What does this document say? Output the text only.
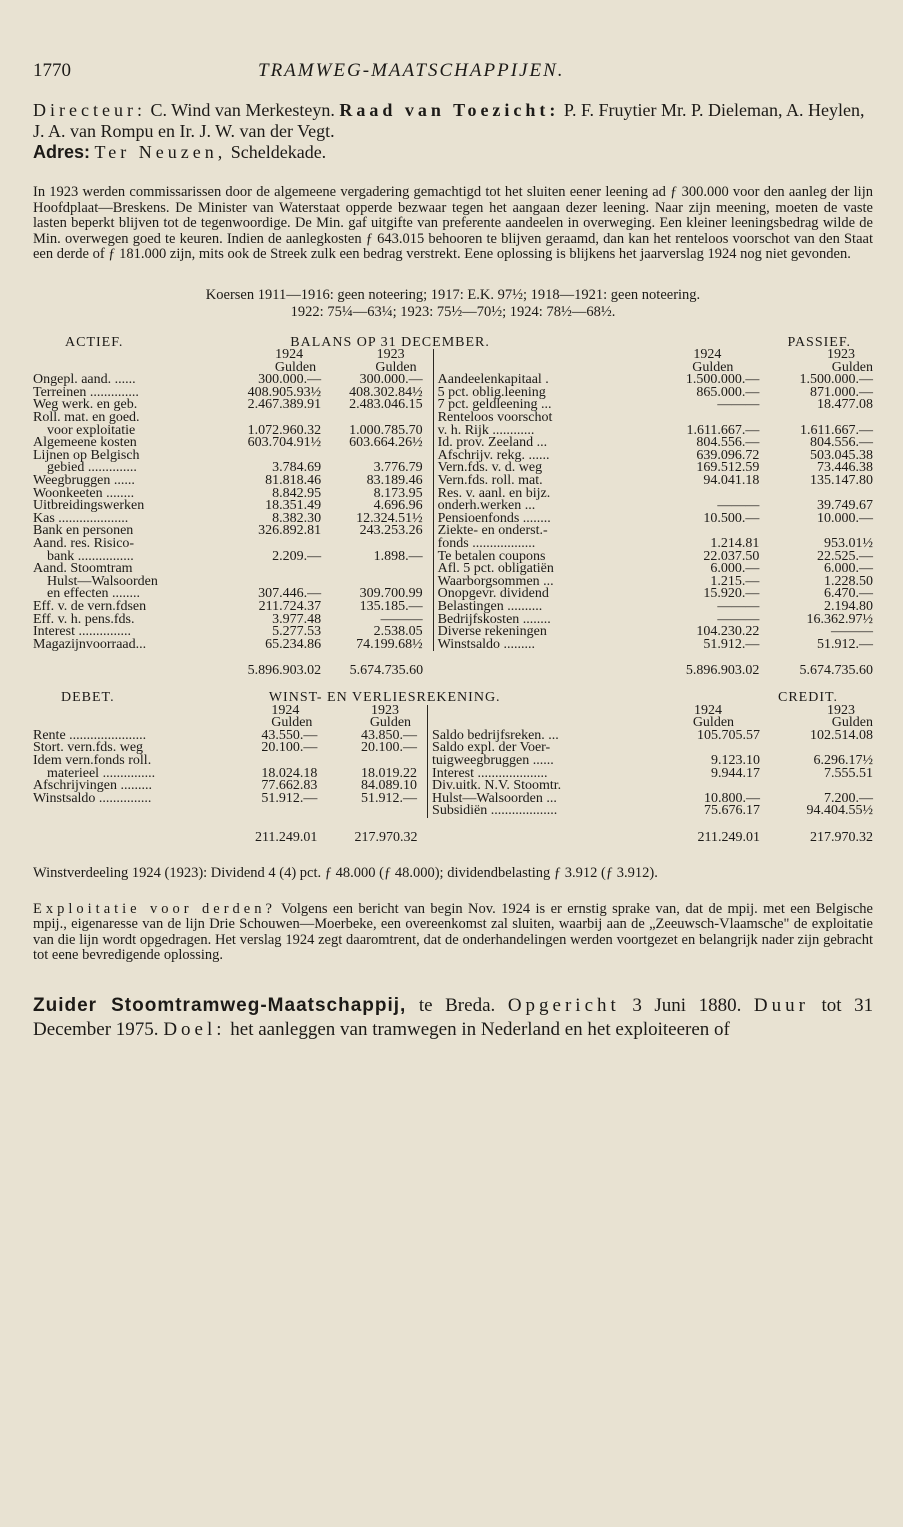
1770	TRAMWEG-MAATSCHAPPIJEN.
Directeur: C. Wind van Merkesteyn. Raad van Toezicht: P. F. Fruytier Mr. P. Dieleman, A. Heylen, J. A. van Rompu en Ir. J. W. van der Vegt.
Adres: Ter Neuzen, Scheldekade.
In 1923 werden commissarissen door de algemeene vergadering gemachtigd tot het sluiten eener leening ad ƒ 300.000 voor den aanleg der lijn Hoofdplaat—Breskens. De Minister van Waterstaat opperde bezwaar tegen het aangaan dezer leening. Naar zijn meening, moeten de vaste lasten beperkt blijven tot de tegenwoordige. De Min. gaf uitgifte van preferente aandeelen in overweging. Een kleiner leeningsbedrag wilde de Min. overwegen goed te keuren. Indien de aanlegkosten ƒ 643.015 behooren te blijven geraamd, dan kan het renteloos voorschot van den Staat een derde of ƒ 181.000 zijn, mits ook de Streek zulk een bedrag verstrekt. Eene oplossing is blijkens het jaarverslag 1924 nog niet gevonden.
Koersen 1911—1916: geen noteering; 1917: E.K. 97½; 1918—1921: geen noteering.
1922: 75¼—63¼; 1923: 75½—70½; 1924: 78½—68½.
ACTIEF.	BALANS OP 31 DECEMBER.			PASSIEF.	
	1924	1923		1924	1923
	Gulden	Gulden		Gulden	Gulden
Ongepl. aand. ......	300.000.—	300.000.—	Aandeelenkapitaal .	1.500.000.—	1.500.000.—
Terreinen ..............	408.905.93½	408.302.84½	5 pct. oblig.leening	865.000.—	871.000.—
Weg werk. en geb.	2.467.389.91	2.483.046.15	7 pct. geldleening ...	———	18.477.08
Roll. mat. en goed.			Renteloos voorschot		
voor exploitatie	1.072.960.32	1.000.785.70	v. h. Rijk ............	1.611.667.—	1.611.667.—
Algemeene kosten	603.704.91½	603.664.26½	Id. prov. Zeeland ...	804.556.—	804.556.—
Lijnen op Belgisch			Afschrijv. rekg. ......	639.096.72	503.045.38
gebied ..............	3.784.69	3.776.79	Vern.fds. v. d. weg	169.512.59	73.446.38
Weegbruggen ......	81.818.46	83.189.46	Vern.fds. roll. mat.	94.041.18	135.147.80
Woonkeeten ........	8.842.95	8.173.95	Res. v. aanl. en bijz.		
Uitbreidingswerken	18.351.49	4.696.96	onderh.werken ...	———	39.749.67
Kas ....................	8.382.30	12.324.51½	Pensioenfonds ........	10.500.—	10.000.—
Bank en personen	326.892.81	243.253.26	Ziekte- en onderst.-		
Aand. res. Risico-			fonds ..................	1.214.81	953.01½
bank ................	2.209.—	1.898.—	Te betalen coupons	22.037.50	22.525.—
Aand. Stoomtram			Afl. 5 pct. obligatiën	6.000.—	6.000.—
Hulst—Walsoorden			Waarborgsommen ...	1.215.—	1.228.50
en effecten ........	307.446.—	309.700.99	Onopgevr. dividend	15.920.—	6.470.—
Eff. v. de vern.fdsen	211.724.37	135.185.—	Belastingen ..........	———	2.194.80
Eff. v. h. pens.fds.	3.977.48	———	Bedrijfskosten ........	———	16.362.97½
Interest ...............	5.277.53	2.538.05	Diverse rekeningen	104.230.22	———
Magazijnvoorraad...	65.234.86	74.199.68½	Winstsaldo .........	51.912.—	51.912.—
	5.896.903.02	5.674.735.60		5.896.903.02	5.674.735.60
DEBET.	WINST- EN VERLIESREKENING.			CREDIT.	
	1924	1923		1924	1923
	Gulden	Gulden		Gulden	Gulden
Rente ......................	43.550.—	43.850.—	Saldo bedrijfsreken. ...	105.705.57	102.514.08
Stort. vern.fds. weg	20.100.—	20.100.—	Saldo expl. der Voer-		
Idem vern.fonds roll.			tuigweegbruggen ......	9.123.10	6.296.17½
materieel ...............	18.024.18	18.019.22	Interest ....................	9.944.17	7.555.51
Afschrijvingen .........	77.662.83	84.089.10	Div.uitk. N.V. Stoomtr.		
Winstsaldo ...............	51.912.—	51.912.—	Hulst—Walsoorden ...	10.800.—	7.200.—
			Subsidiën ...................	75.676.17	94.404.55½
	211.249.01	217.970.32		211.249.01	217.970.32
Winstverdeeling 1924 (1923): Dividend 4 (4) pct. ƒ 48.000 (ƒ 48.000); dividendbelasting ƒ 3.912 (ƒ 3.912).
Exploitatie voor derden? Volgens een bericht van begin Nov. 1924 is er ernstig sprake van, dat de mpij. met een Belgische mpij., eigenaresse van de lijn Drie Schouwen—Moerbeke, een overeenkomst zal sluiten, waarbij aan de „Zeeuwsch-Vlaamsche" de exploitatie van die lijn wordt opgedragen. Het verslag 1924 zegt daaromtrent, dat de onderhandelingen werden voortgezet en belangrijk nader zijn gebracht tot eene bevredigende oplossing.
Zuider Stoomtramweg-Maatschappij, te Breda. Opgericht 3 Juni 1880. Duur tot 31 December 1975. Doel: het aanleggen van tramwegen in Nederland en het exploiteeren of
